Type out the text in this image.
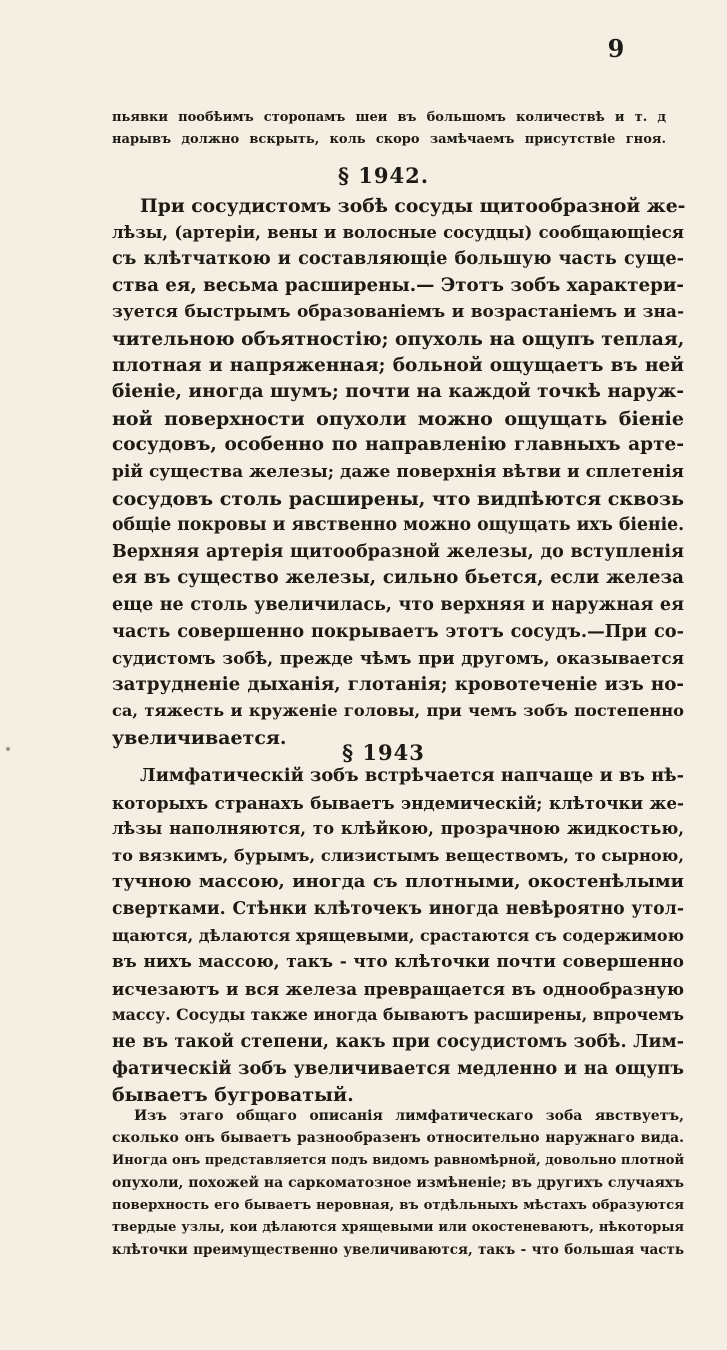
9
пьявки пообѣимъ сторопамъ шеи въ большомъ количествѣ и т. д
нарывъ должно вскрыть, коль скоро замѣчаемъ присутствіе гноя.
§ 1942.
При сосудистомъ зобѣ сосуды щитообразной же-
лѣзы, (артеріи, вены и волосные сосудцы) сообщающіеся
съ клѣтчаткою и составляющіе большую часть суще-
ства ея, весьма расширены.— Этотъ зобъ характери-
зуется быстрымъ образованіемъ и возрастаніемъ и зна-
чительною объятностію; опухоль на ощупъ теплая,
плотная и напряженная; больной ощущаетъ въ ней
біеніе, иногда шумъ; почти на каждой точкѣ наруж-
ной поверхности опухоли можно ощущать біеніе
сосудовъ, особенно по направленію главныхъ арте-
рій существа железы; даже поверхнія вѣтви и сплетенія
сосудовъ столь расширены, что видпѣются сквозь
общіе покровы и явственно можно ощущать ихъ біеніе.
Верхняя артерія щитообразной железы, до вступленія
ея въ существо железы, сильно бьется, если железа
еще не столь увеличилась, что верхняя и наружная ея
часть совершенно покрываетъ этотъ сосудъ.—При со-
судистомъ зобѣ, прежде чѣмъ при другомъ, оказывается
затрудненіе дыханія, глотанія; кровотеченіе изъ но-
са, тяжесть и круженіе головы, при чемъ зобъ постепенно
увеличивается.
§ 1943
Лимфатическій зобъ встрѣчается напчаще и въ нѣ-
которыхъ странахъ бываетъ эндемическій; клѣточки же-
лѣзы наполняются, то клѣйкою, прозрачною жидкостью,
то вязкимъ, бурымъ, слизистымъ веществомъ, то сырною,
тучною массою, иногда съ плотными, окостенѣлыми
свертками. Стѣнки клѣточекъ иногда невѣроятно утол-
щаются, дѣлаются хрящевыми, срастаются съ содержимою
въ нихъ массою, такъ - что клѣточки почти совершенно
исчезаютъ и вся железа превращается въ однообразную
массу. Сосуды также иногда бываютъ расширены, впрочемъ
не въ такой степени, какъ при сосудистомъ зобѣ. Лим-
фатическій зобъ увеличивается медленно и на ощупъ
бываетъ бугроватый.
Изъ этаго общаго описанія лимфатическаго зоба явствуетъ,
сколько онъ бываетъ разнообразенъ относительно наружнаго вида.
Иногда онъ представляется подъ видомъ равномѣрной, довольно плотной
опухоли, похожей на саркоматозное измѣненіе; въ другихъ случаяхъ
поверхность его бываетъ неровная, въ отдѣльныхъ мѣстахъ образуются
твердые узлы, кои дѣлаются хрящевыми или окостеневаютъ, нѣкоторыя
клѣточки преимущественно увеличиваются, такъ - что большая часть
